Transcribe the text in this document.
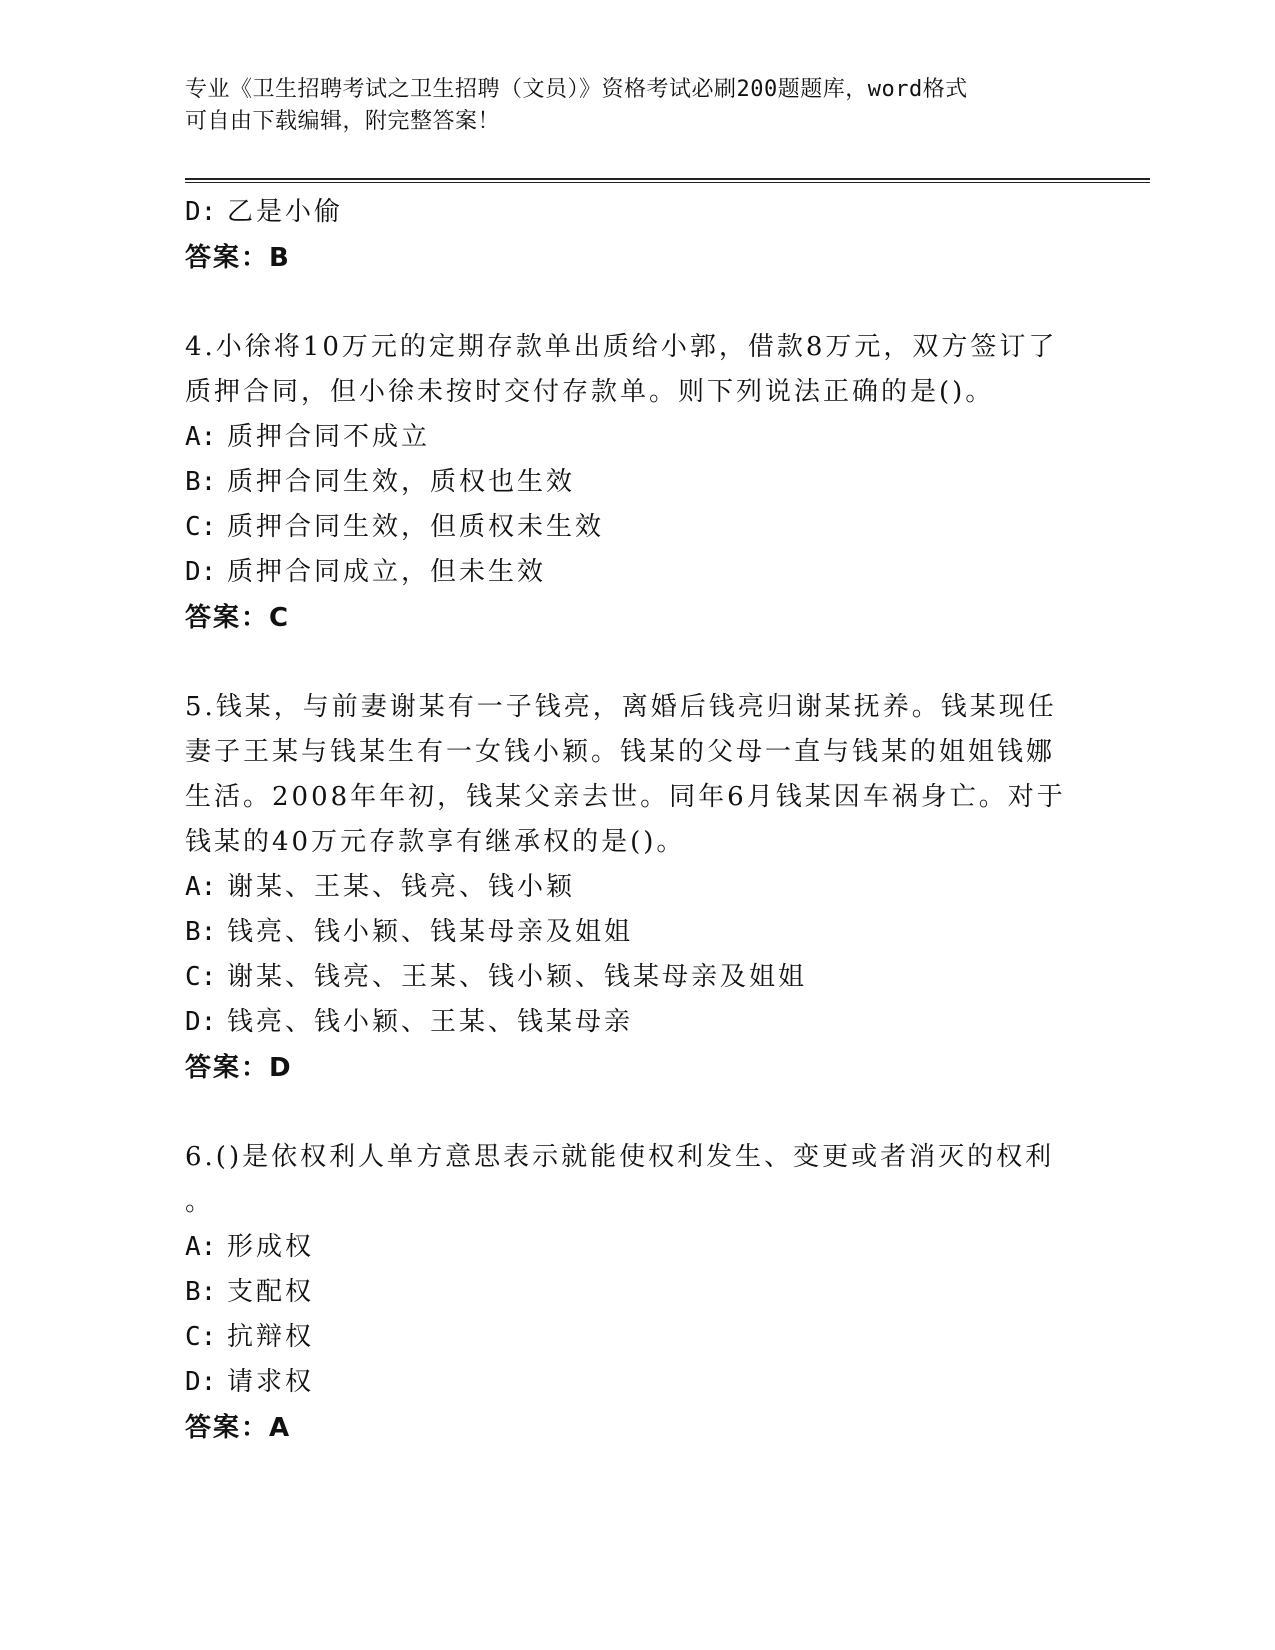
专业《卫生招聘考试之卫生招聘（文员）》资格考试必刷200题题库，word格式
可自由下载编辑，附完整答案！
D: 乙是小偷
答案：B
4.小徐将10万元的定期存款单出质给小郭，借款8万元，双方签订了
质押合同，但小徐未按时交付存款单。则下列说法正确的是()。
A: 质押合同不成立
B: 质押合同生效，质权也生效
C: 质押合同生效，但质权未生效
D: 质押合同成立，但未生效
答案：C
5.钱某，与前妻谢某有一子钱亮，离婚后钱亮归谢某抚养。钱某现任
妻子王某与钱某生有一女钱小颖。钱某的父母一直与钱某的姐姐钱娜
生活。2008年年初，钱某父亲去世。同年6月钱某因车祸身亡。对于
钱某的40万元存款享有继承权的是()。
A: 谢某、王某、钱亮、钱小颖
B: 钱亮、钱小颖、钱某母亲及姐姐
C: 谢某、钱亮、王某、钱小颖、钱某母亲及姐姐
D: 钱亮、钱小颖、王某、钱某母亲
答案：D
6.()是依权利人单方意思表示就能使权利发生、变更或者消灭的权利
。
A: 形成权
B: 支配权
C: 抗辩权
D: 请求权
答案：A
